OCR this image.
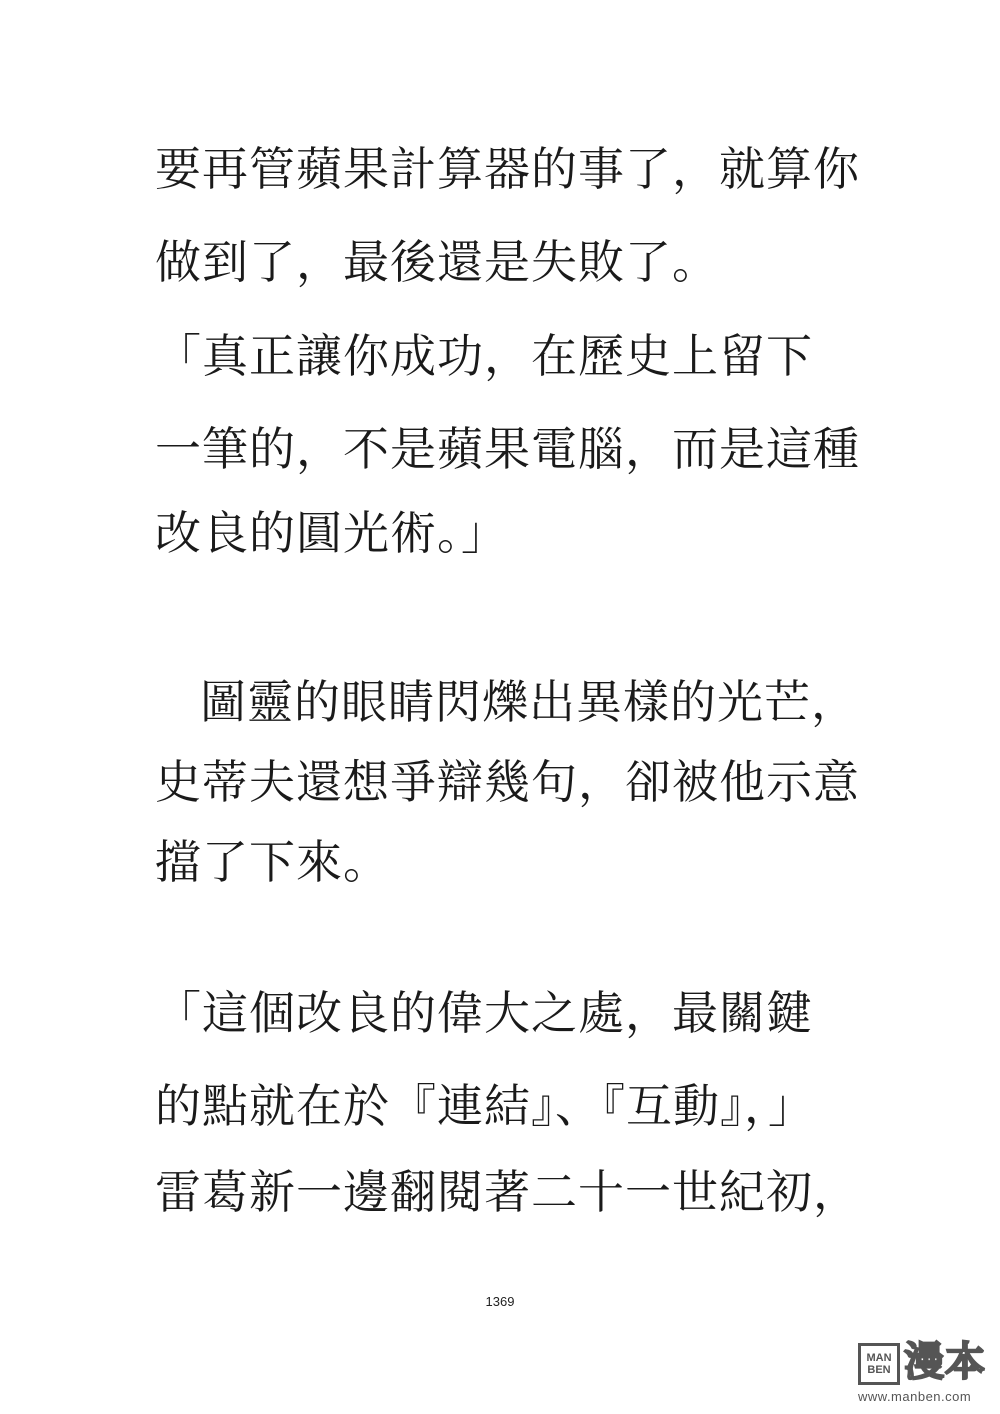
要再管蘋果計算器的事了，就算你
做到了，最後還是失敗了。
「真正讓你成功，在歷史上留下
一筆的，不是蘋果電腦，而是這種
改良的圓光術。」
圖靈的眼睛閃爍出異樣的光芒，
史蒂夫還想爭辯幾句，卻被他示意
擋了下來。
「這個改良的偉大之處，最關鍵
的點就在於『連結』、『互動』，」
雷葛新一邊翻閱著二十一世紀初，
1369
MAN
BEN 漫本
www.manben.com
